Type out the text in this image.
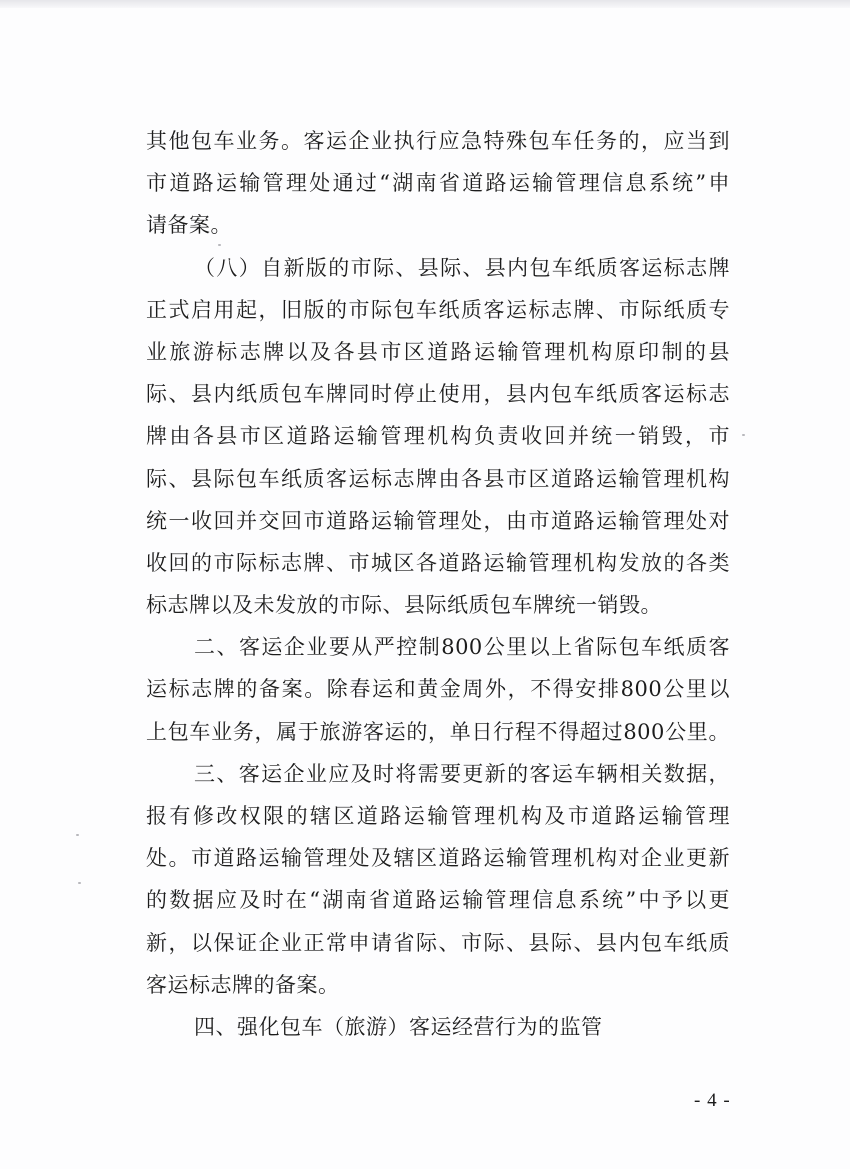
其他包车业务。客运企业执行应急特殊包车任务的，应当到
市道路运输管理处通过“湖南省道路运输管理信息系统”申
请备案。
（八）自新版的市际、县际、县内包车纸质客运标志牌
正式启用起，旧版的市际包车纸质客运标志牌、市际纸质专
业旅游标志牌以及各县市区道路运输管理机构原印制的县
际、县内纸质包车牌同时停止使用，县内包车纸质客运标志
牌由各县市区道路运输管理机构负责收回并统一销毁，市
际、县际包车纸质客运标志牌由各县市区道路运输管理机构
统一收回并交回市道路运输管理处，由市道路运输管理处对
收回的市际标志牌、市城区各道路运输管理机构发放的各类
标志牌以及未发放的市际、县际纸质包车牌统一销毁。
二、客运企业要从严控制800公里以上省际包车纸质客
运标志牌的备案。除春运和黄金周外，不得安排800公里以
上包车业务，属于旅游客运的，单日行程不得超过800公里。
三、客运企业应及时将需要更新的客运车辆相关数据，
报有修改权限的辖区道路运输管理机构及市道路运输管理
处。市道路运输管理处及辖区道路运输管理机构对企业更新
的数据应及时在“湖南省道路运输管理信息系统”中予以更
新，以保证企业正常申请省际、市际、县际、县内包车纸质
客运标志牌的备案。
四、强化包车（旅游）客运经营行为的监管
- 4 -
